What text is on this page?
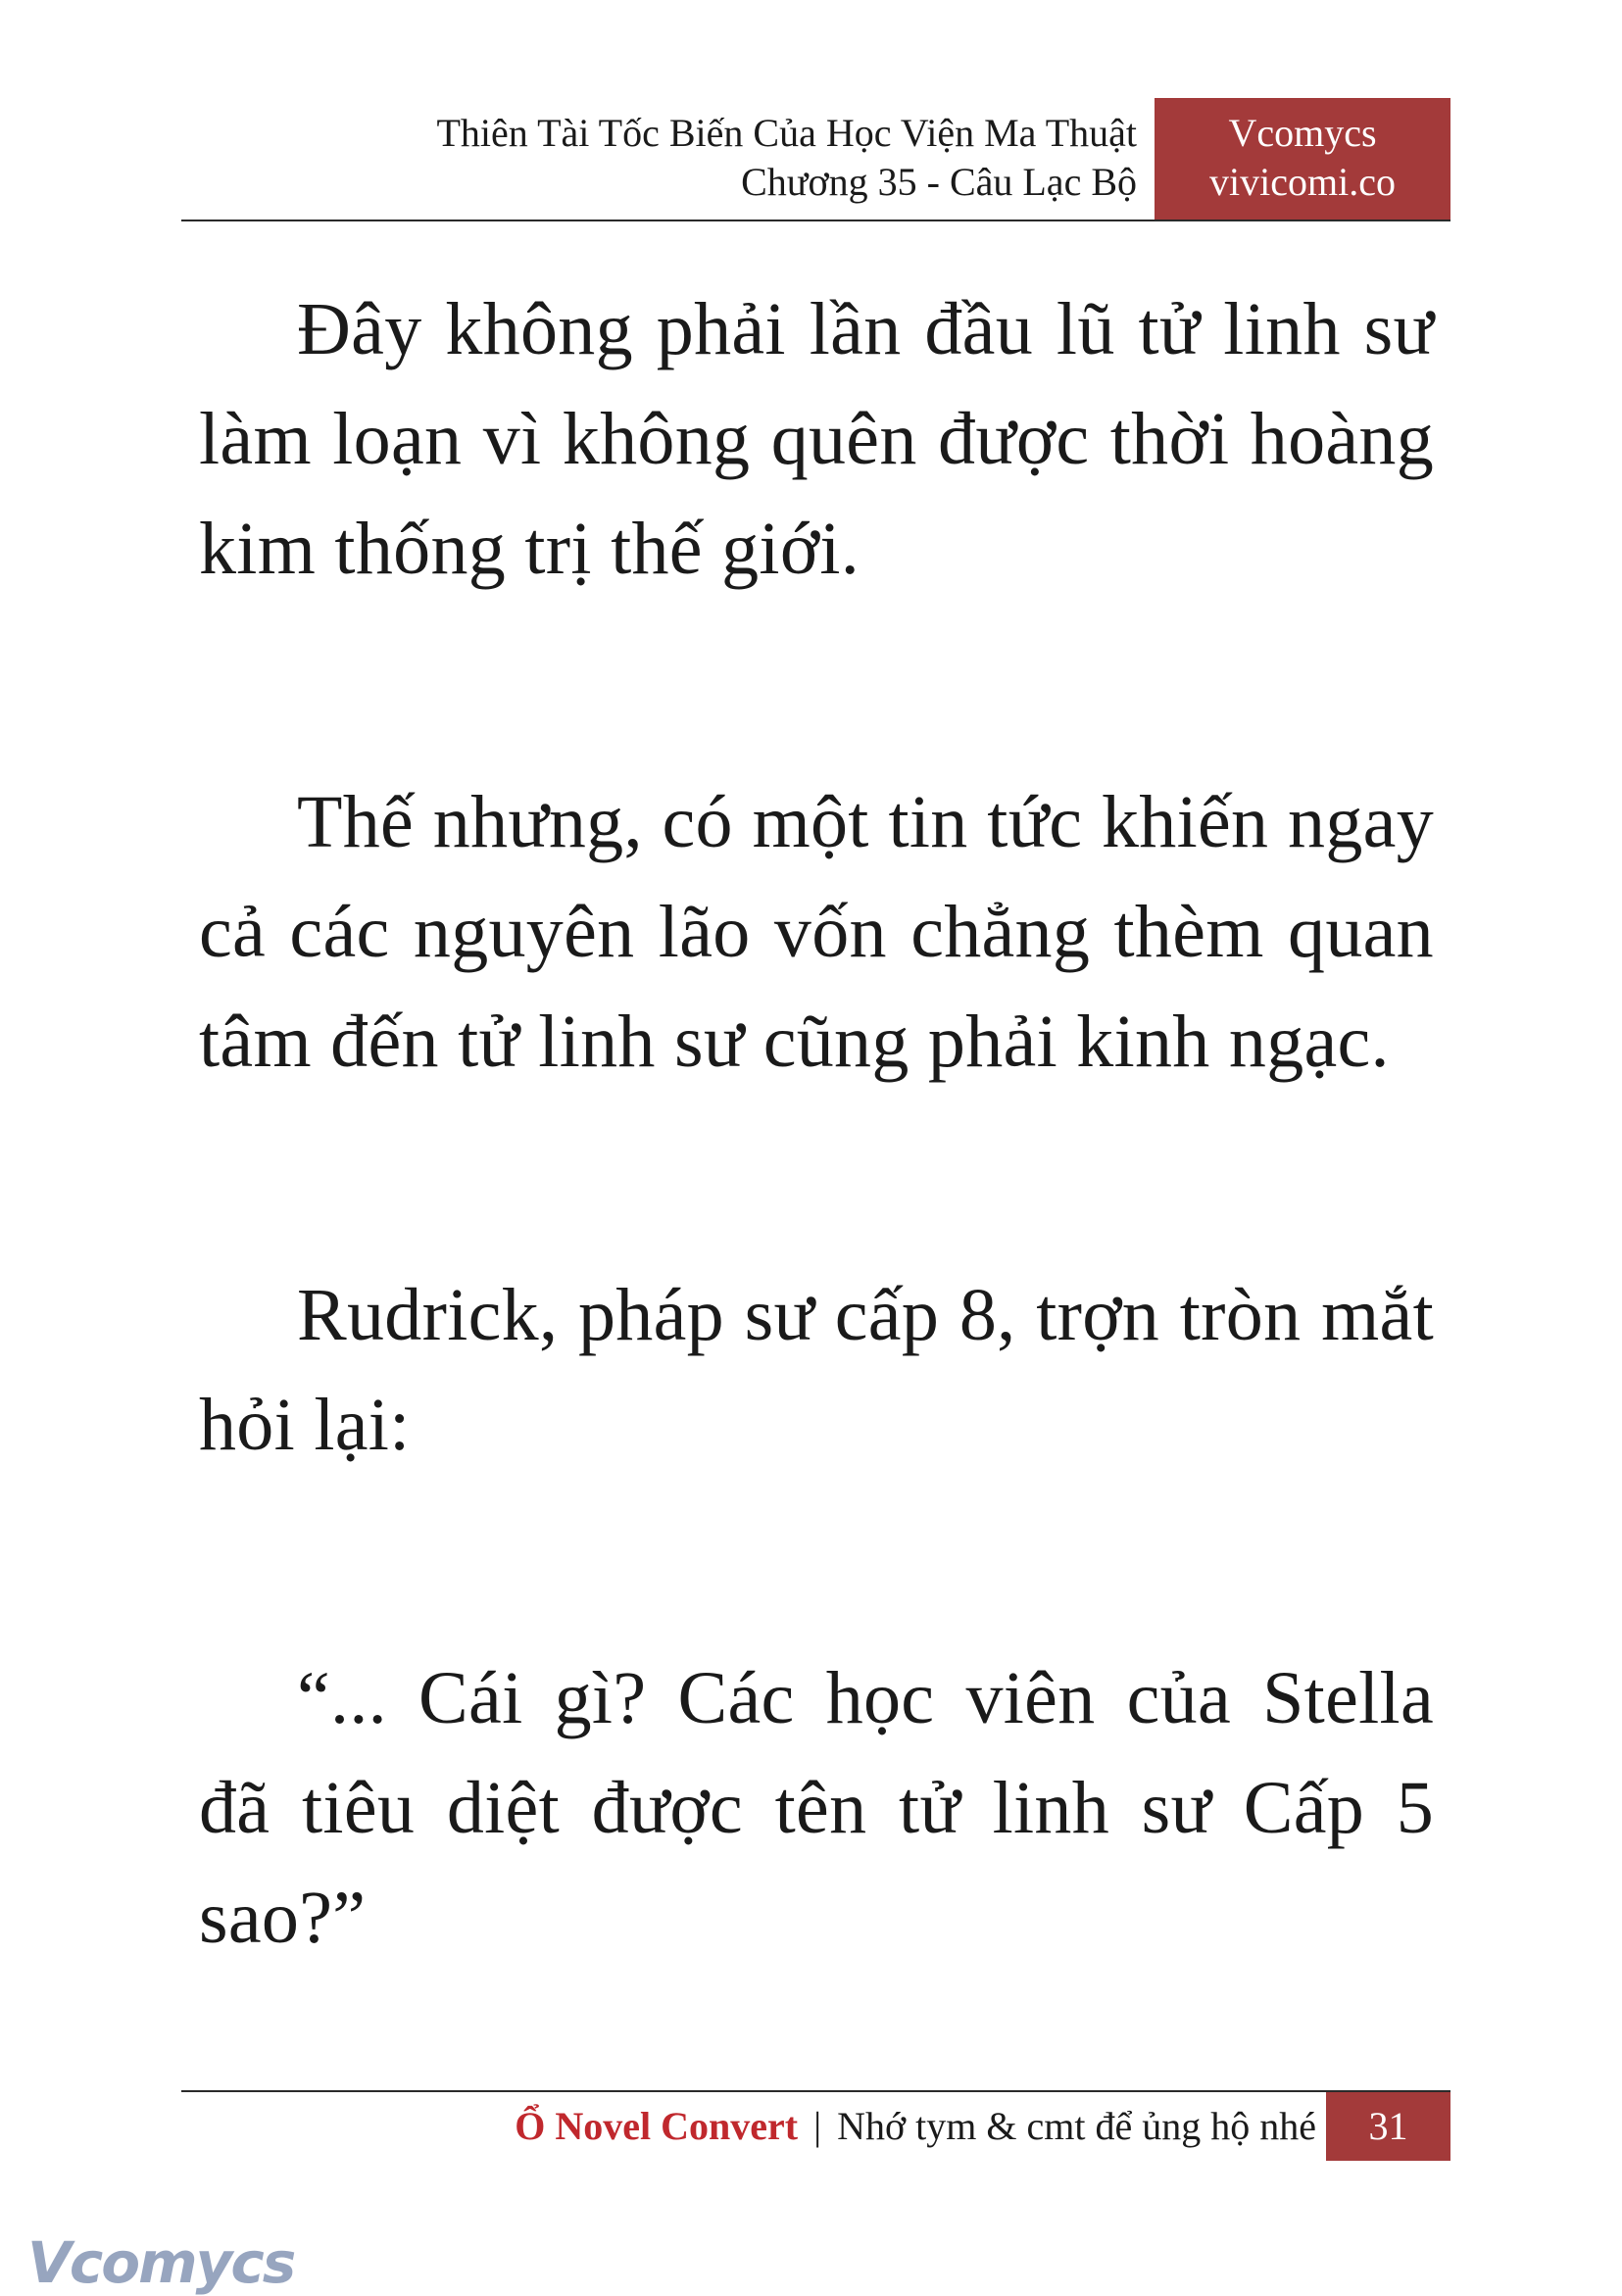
Thiên Tài Tốc Biến Của Học Viện Ma Thuật
Chương 35 - Câu Lạc Bộ
Vcomycs
vivicomi.co

Đây không phải lần đầu lũ tử linh sư làm loạn vì không quên được thời hoàng kim thống trị thế giới.

Thế nhưng, có một tin tức khiến ngay cả các nguyên lão vốn chẳng thèm quan tâm đến tử linh sư cũng phải kinh ngạc.

Rudrick, pháp sư cấp 8, trợn tròn mắt hỏi lại:

“... Cái gì? Các học viên của Stella đã tiêu diệt được tên tử linh sư Cấp 5 sao?”

Ổ Novel Convert | Nhớ tym & cmt để ủng hộ nhé	31
Vcomycs
